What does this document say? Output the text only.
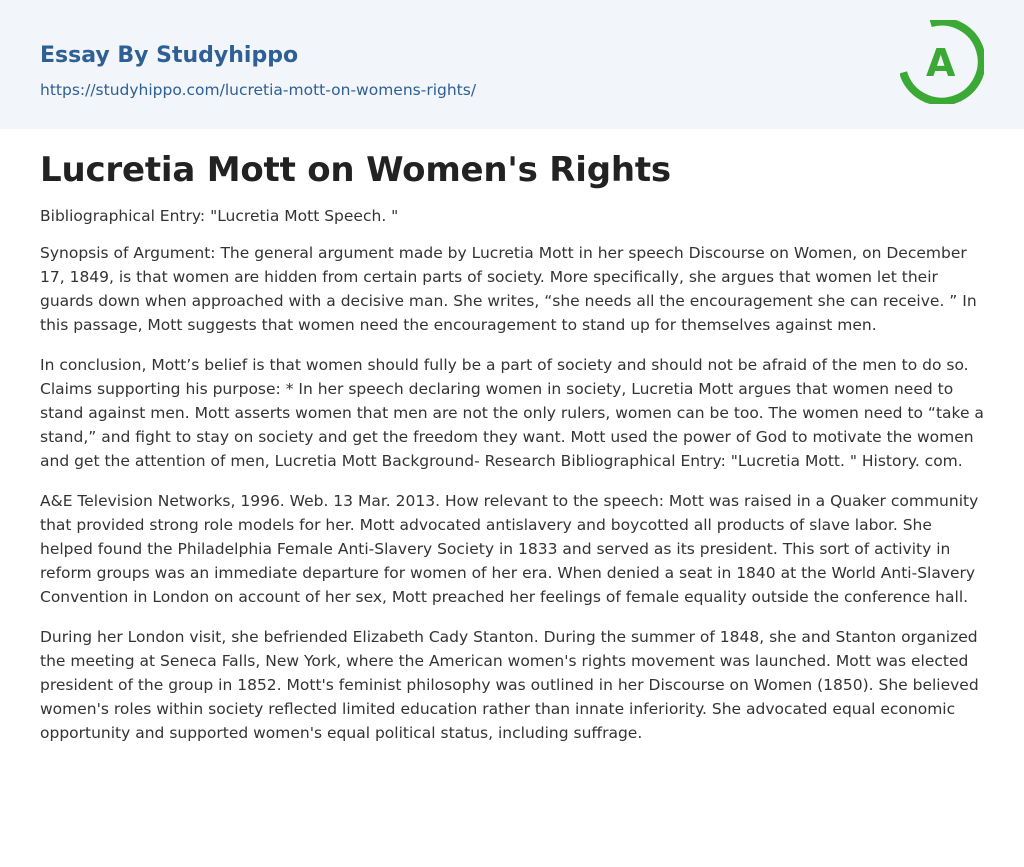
Essay By Studyhippo
https://studyhippo.com/lucretia-mott-on-womens-rights/
A
Lucretia Mott on Women's Rights

Bibliographical Entry: "Lucretia Mott Speech. "

Synopsis of Argument: The general argument made by Lucretia Mott in her speech Discourse on Women, on December 17, 1849, is that women are hidden from certain parts of society. More specifically, she argues that women let their guards down when approached with a decisive man. She writes, “she needs all the encouragement she can receive. ” In this passage, Mott suggests that women need the encouragement to stand up for themselves against men.

In conclusion, Mott’s belief is that women should fully be a part of society and should not be afraid of the men to do so. Claims supporting his purpose: * In her speech declaring women in society, Lucretia Mott argues that women need to stand against men. Mott asserts women that men are not the only rulers, women can be too. The women need to “take a stand,” and fight to stay on society and get the freedom they want. Mott used the power of God to motivate the women and get the attention of men, Lucretia Mott Background- Research Bibliographical Entry: "Lucretia Mott. " History. com.

A&E Television Networks, 1996. Web. 13 Mar. 2013. How relevant to the speech: Mott was raised in a Quaker community that provided strong role models for her. Mott advocated antislavery and boycotted all products of slave labor. She helped found the Philadelphia Female Anti-Slavery Society in 1833 and served as its president. This sort of activity in reform groups was an immediate departure for women of her era. When denied a seat in 1840 at the World Anti-Slavery Convention in London on account of her sex, Mott preached her feelings of female equality outside the conference hall.

During her London visit, she befriended Elizabeth Cady Stanton. During the summer of 1848, she and Stanton organized the meeting at Seneca Falls, New York, where the American women's rights movement was launched. Mott was elected president of the group in 1852. Mott's feminist philosophy was outlined in her Discourse on Women (1850). She believed women's roles within society reflected limited education rather than innate inferiority. She advocated equal economic opportunity and supported women's equal political status, including suffrage.
